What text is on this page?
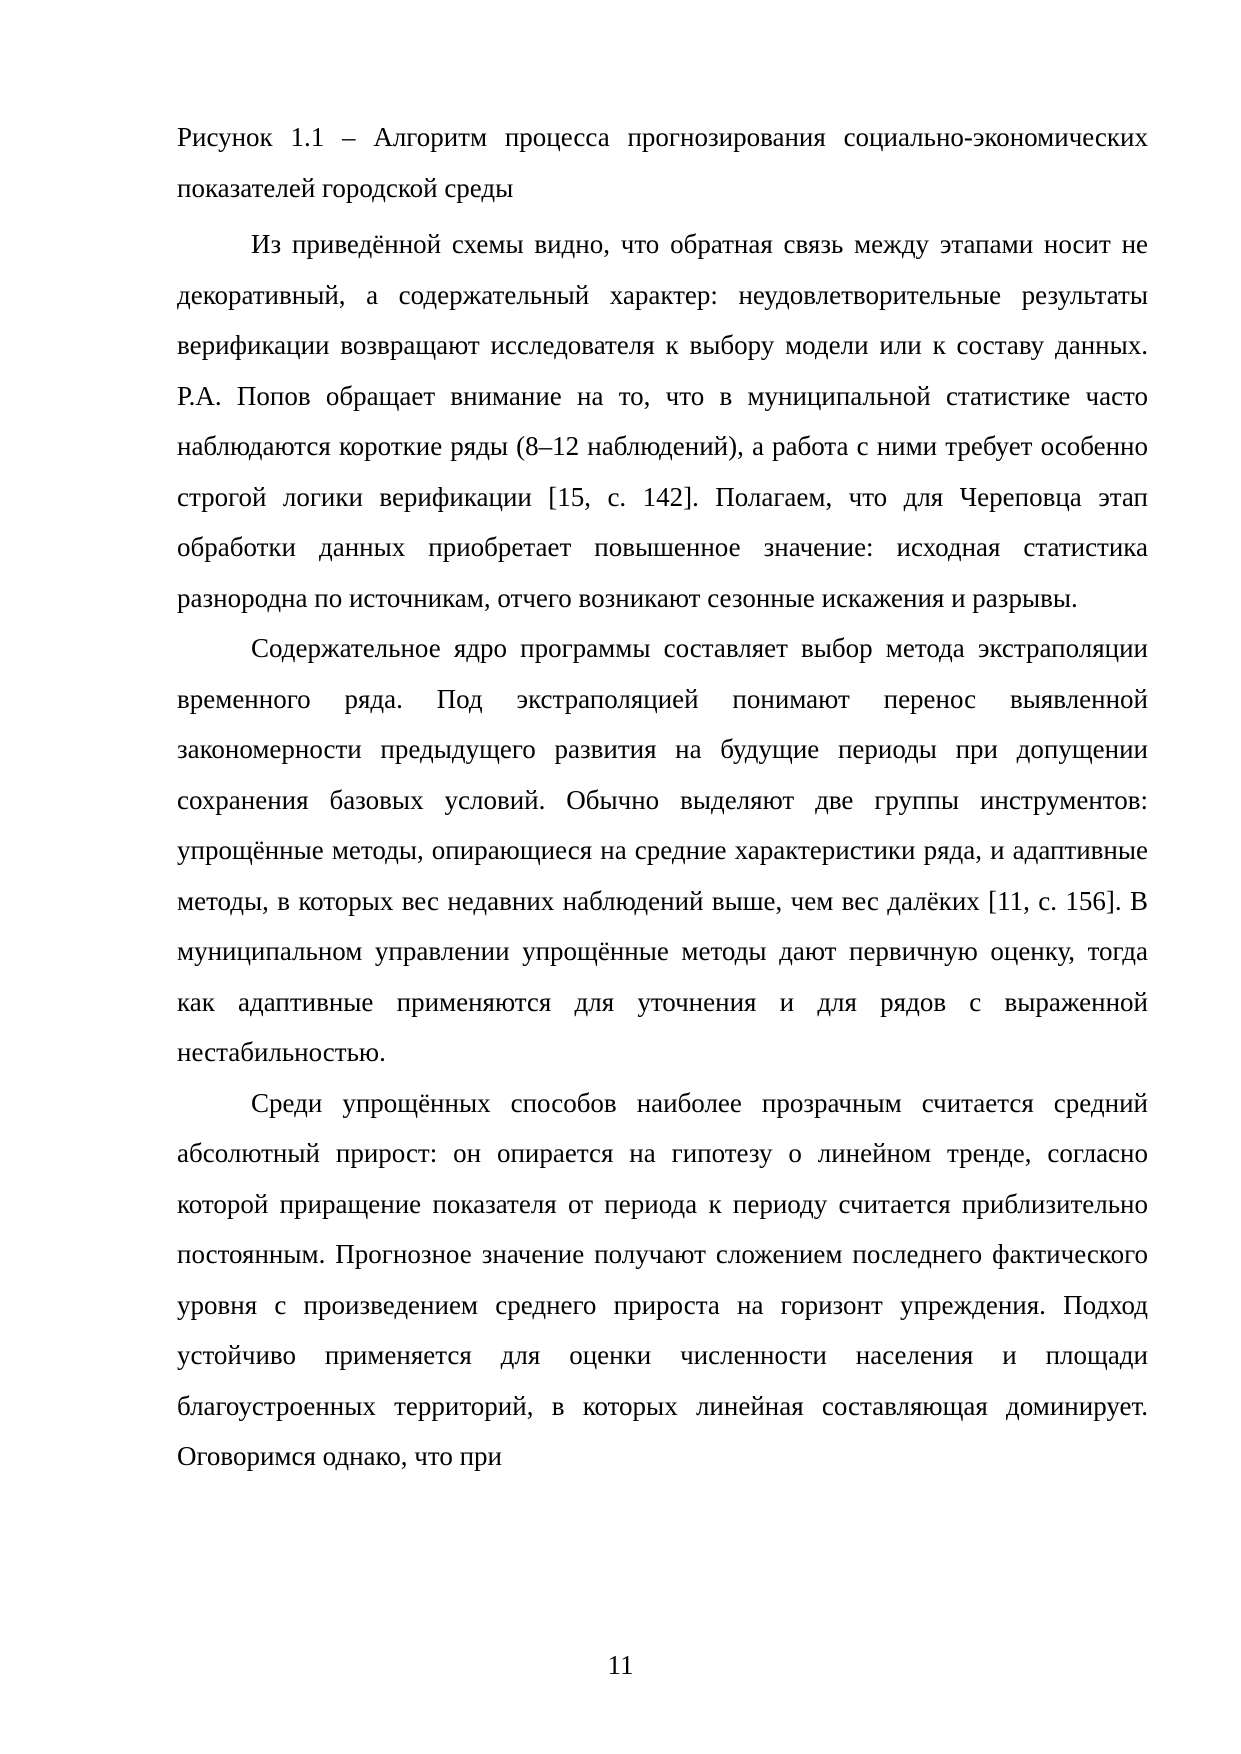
Рисунок 1.1 – Алгоритм процесса прогнозирования социально-экономических показателей городской среды

Из приведённой схемы видно, что обратная связь между этапами носит не декоративный, а содержательный характер: неудовлетворительные результаты верификации возвращают исследователя к выбору модели или к составу данных. Р.А. Попов обращает внимание на то, что в муниципальной статистике часто наблюдаются короткие ряды (8–12 наблюдений), а работа с ними требует особенно строгой логики верификации [15, с. 142]. Полагаем, что для Череповца этап обработки данных приобретает повышенное значение: исходная статистика разнородна по источникам, отчего возникают сезонные искажения и разрывы.

Содержательное ядро программы составляет выбор метода экстраполяции временного ряда. Под экстраполяцией понимают перенос выявленной закономерности предыдущего развития на будущие периоды при допущении сохранения базовых условий. Обычно выделяют две группы инструментов: упрощённые методы, опирающиеся на средние характеристики ряда, и адаптивные методы, в которых вес недавних наблюдений выше, чем вес далёких [11, с. 156]. В муниципальном управлении упрощённые методы дают первичную оценку, тогда как адаптивные применяются для уточнения и для рядов с выраженной нестабильностью.

Среди упрощённых способов наиболее прозрачным считается средний абсолютный прирост: он опирается на гипотезу о линейном тренде, согласно которой приращение показателя от периода к периоду считается приблизительно постоянным. Прогнозное значение получают сложением последнего фактического уровня с произведением среднего прироста на горизонт упреждения. Подход устойчиво применяется для оценки численности населения и площади благоустроенных территорий, в которых линейная составляющая доминирует. Оговоримся однако, что при

11
